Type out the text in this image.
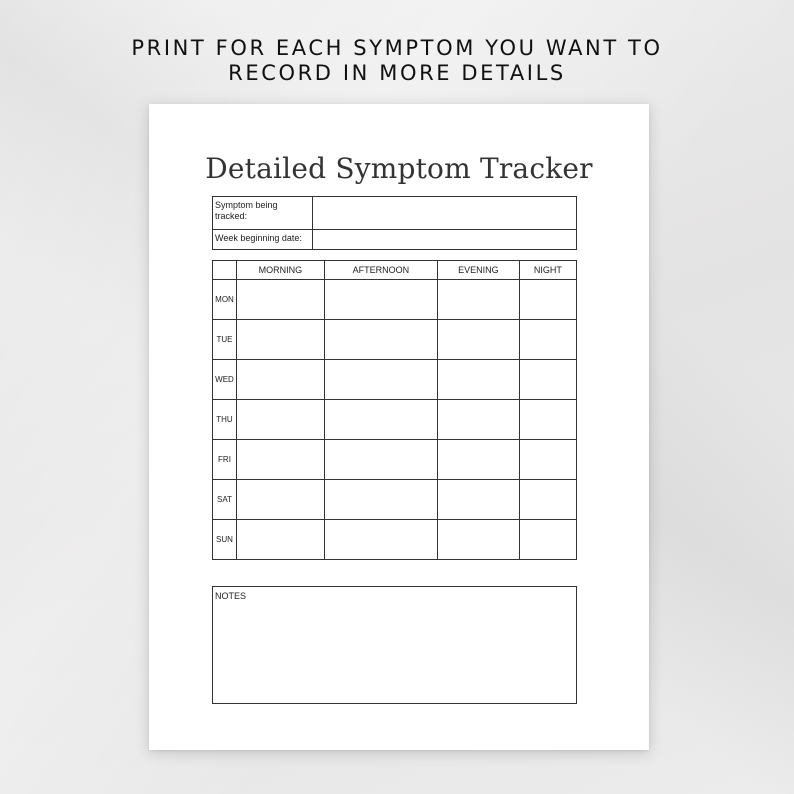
PRINT FOR EACH SYMPTOM YOU WANT TO
RECORD IN MORE DETAILS
Detailed Symptom Tracker
Symptom being tracked:	
Week beginning date:	
	MORNING	AFTERNOON	EVENING	NIGHT
MON				
TUE				
WED				
THU				
FRI				
SAT				
SUN				
NOTES
